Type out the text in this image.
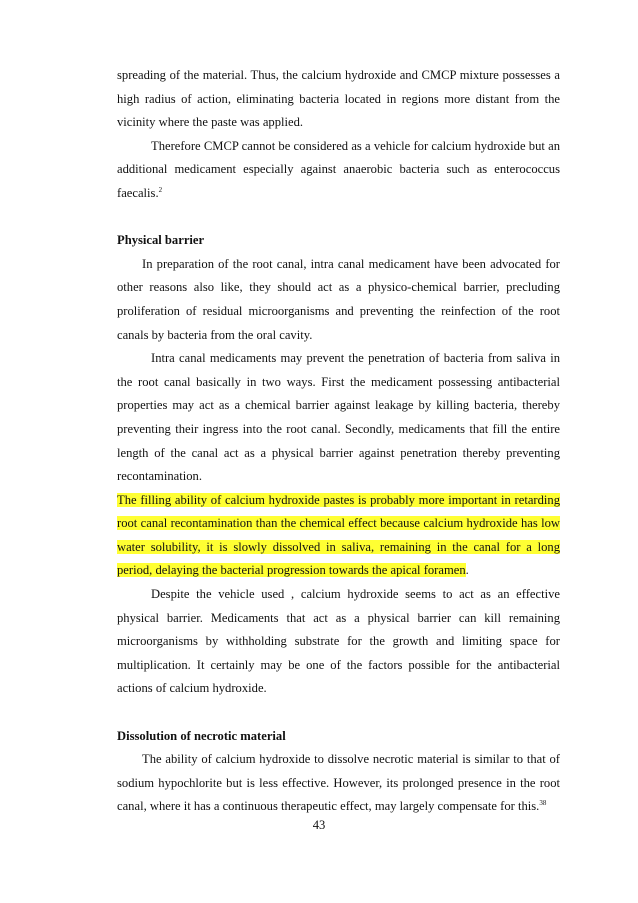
spreading of the material. Thus, the calcium hydroxide and CMCP mixture possesses a high radius of action, eliminating bacteria located in regions more distant from the vicinity where the paste was applied.

Therefore CMCP cannot be considered as a vehicle for calcium hydroxide but an additional medicament especially against anaerobic bacteria such as enterococcus faecalis.$^2$

Physical barrier

In preparation of the root canal, intra canal medicament have been advocated for other reasons also like, they should act as a physico-chemical barrier, precluding proliferation of residual microorganisms and preventing the reinfection of the root canals by bacteria from the oral cavity.

Intra canal medicaments may prevent the penetration of bacteria from saliva in the root canal basically in two ways. First the medicament possessing antibacterial properties may act as a chemical barrier against leakage by killing bacteria, thereby preventing their ingress into the root canal. Secondly, medicaments that fill the entire length of the canal act as a physical barrier against penetration thereby preventing recontamination.

The filling ability of calcium hydroxide pastes is probably more important in retarding root canal recontamination than the chemical effect because calcium hydroxide has low water solubility, it is slowly dissolved in saliva, remaining in the canal for a long period, delaying the bacterial progression towards the apical foramen.

Despite the vehicle used , calcium hydroxide seems to act as an effective physical barrier. Medicaments that act as a physical barrier can kill remaining microorganisms by withholding substrate for the growth and limiting space for multiplication. It certainly may be one of the factors possible for the antibacterial actions of calcium hydroxide.

Dissolution of necrotic material

The ability of calcium hydroxide to dissolve necrotic material is similar to that of sodium hypochlorite but is less effective. However, its prolonged presence in the root canal, where it has a continuous therapeutic effect, may largely compensate for this.$^{38}$

43
